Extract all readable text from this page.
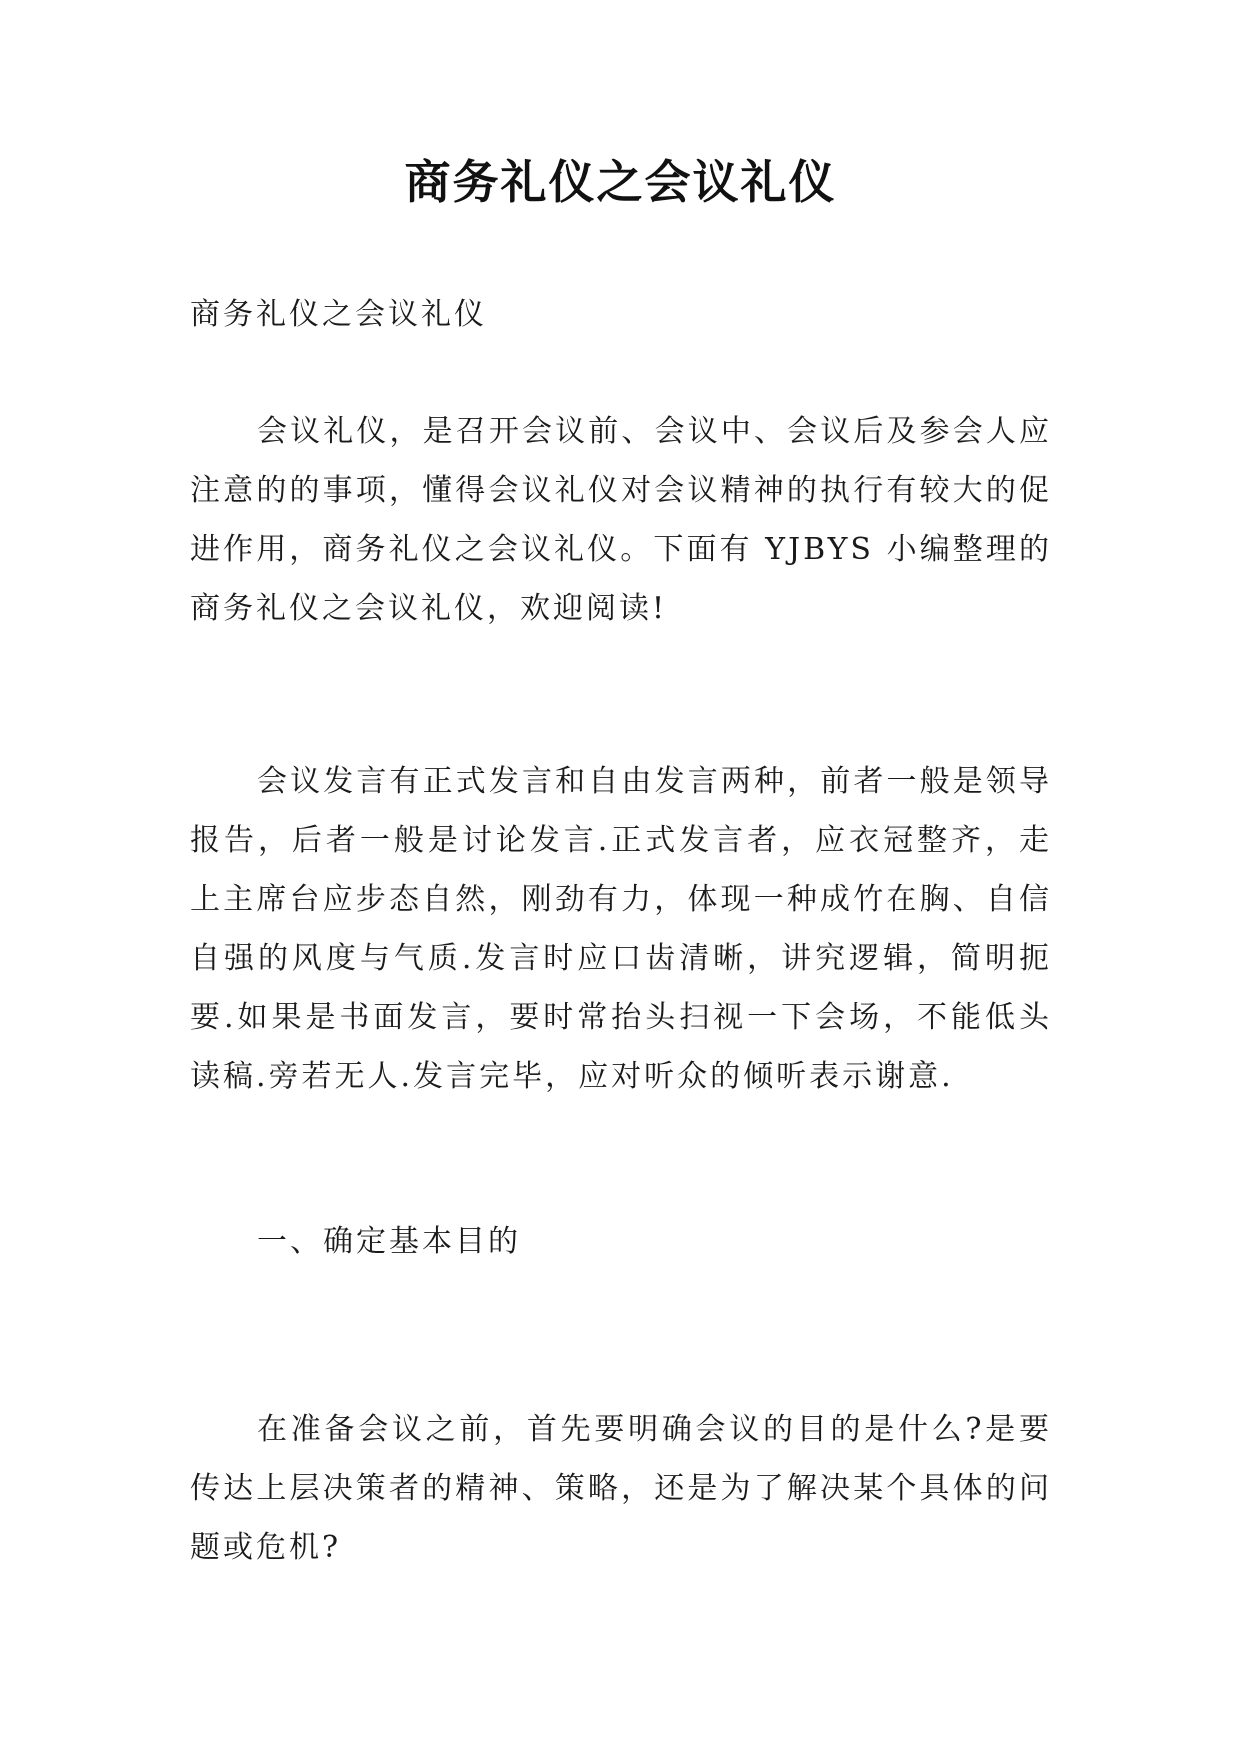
商务礼仪之会议礼仪
商务礼仪之会议礼仪
会议礼仪，是召开会议前、会议中、会议后及参会人应注意的的事项，懂得会议礼仪对会议精神的执行有较大的促进作用，商务礼仪之会议礼仪。下面有 YJBYS 小编整理的商务礼仪之会议礼仪，欢迎阅读!
会议发言有正式发言和自由发言两种，前者一般是领导报告，后者一般是讨论发言.正式发言者，应衣冠整齐，走上主席台应步态自然，刚劲有力，体现一种成竹在胸、自信自强的风度与气质.发言时应口齿清晰，讲究逻辑，简明扼要.如果是书面发言，要时常抬头扫视一下会场，不能低头读稿.旁若无人.发言完毕，应对听众的倾听表示谢意.
一、确定基本目的
在准备会议之前，首先要明确会议的目的是什么?是要传达上层决策者的精神、策略，还是为了解决某个具体的问题或危机?
